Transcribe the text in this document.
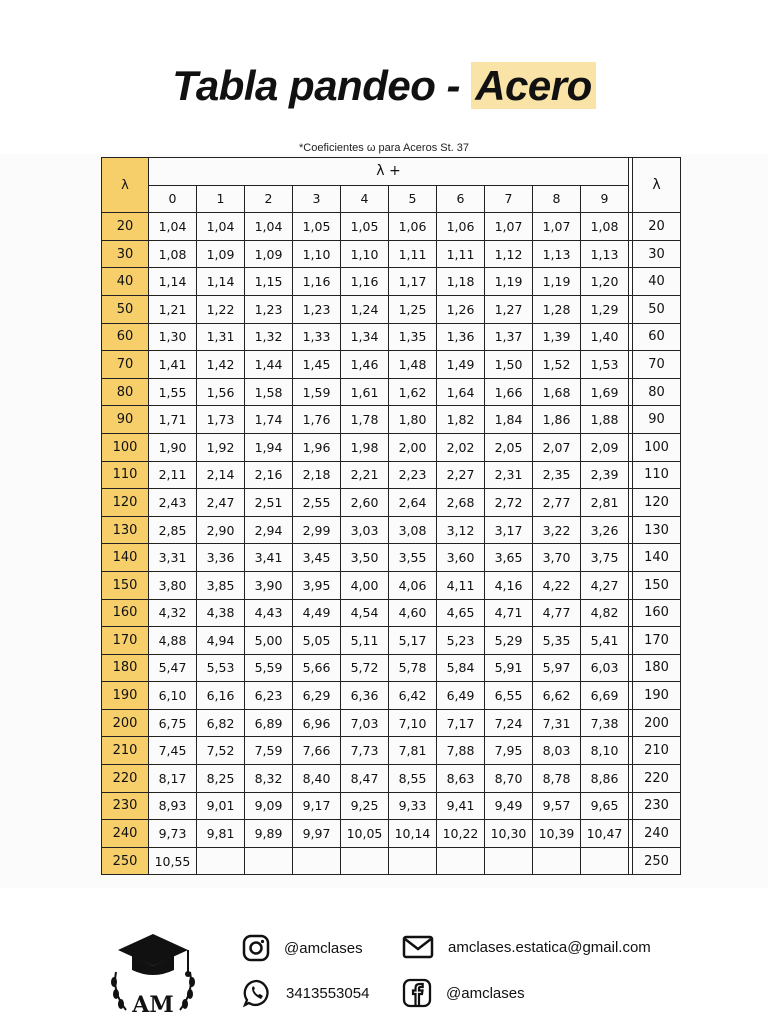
Tabla pandeo - Acero
*Coeficientes ω para Aceros St. 37
λ	λ +											λ
	0	1	2	3	4	5	6	7	8	9		
20	1,04	1,04	1,04	1,05	1,05	1,06	1,06	1,07	1,07	1,08		20
30	1,08	1,09	1,09	1,10	1,10	1,11	1,11	1,12	1,13	1,13		30
40	1,14	1,14	1,15	1,16	1,16	1,17	1,18	1,19	1,19	1,20		40
50	1,21	1,22	1,23	1,23	1,24	1,25	1,26	1,27	1,28	1,29		50
60	1,30	1,31	1,32	1,33	1,34	1,35	1,36	1,37	1,39	1,40		60
70	1,41	1,42	1,44	1,45	1,46	1,48	1,49	1,50	1,52	1,53		70
80	1,55	1,56	1,58	1,59	1,61	1,62	1,64	1,66	1,68	1,69		80
90	1,71	1,73	1,74	1,76	1,78	1,80	1,82	1,84	1,86	1,88		90
100	1,90	1,92	1,94	1,96	1,98	2,00	2,02	2,05	2,07	2,09		100
110	2,11	2,14	2,16	2,18	2,21	2,23	2,27	2,31	2,35	2,39		110
120	2,43	2,47	2,51	2,55	2,60	2,64	2,68	2,72	2,77	2,81		120
130	2,85	2,90	2,94	2,99	3,03	3,08	3,12	3,17	3,22	3,26		130
140	3,31	3,36	3,41	3,45	3,50	3,55	3,60	3,65	3,70	3,75		140
150	3,80	3,85	3,90	3,95	4,00	4,06	4,11	4,16	4,22	4,27		150
160	4,32	4,38	4,43	4,49	4,54	4,60	4,65	4,71	4,77	4,82		160
170	4,88	4,94	5,00	5,05	5,11	5,17	5,23	5,29	5,35	5,41		170
180	5,47	5,53	5,59	5,66	5,72	5,78	5,84	5,91	5,97	6,03		180
190	6,10	6,16	6,23	6,29	6,36	6,42	6,49	6,55	6,62	6,69		190
200	6,75	6,82	6,89	6,96	7,03	7,10	7,17	7,24	7,31	7,38		200
210	7,45	7,52	7,59	7,66	7,73	7,81	7,88	7,95	8,03	8,10		210
220	8,17	8,25	8,32	8,40	8,47	8,55	8,63	8,70	8,78	8,86		220
230	8,93	9,01	9,09	9,17	9,25	9,33	9,41	9,49	9,57	9,65		230
240	9,73	9,81	9,89	9,97	10,05	10,14	10,22	10,30	10,39	10,47		240
250	10,55											250
AM
@amclases	amclases.estatica@gmail.com
3413553054	@amclases
